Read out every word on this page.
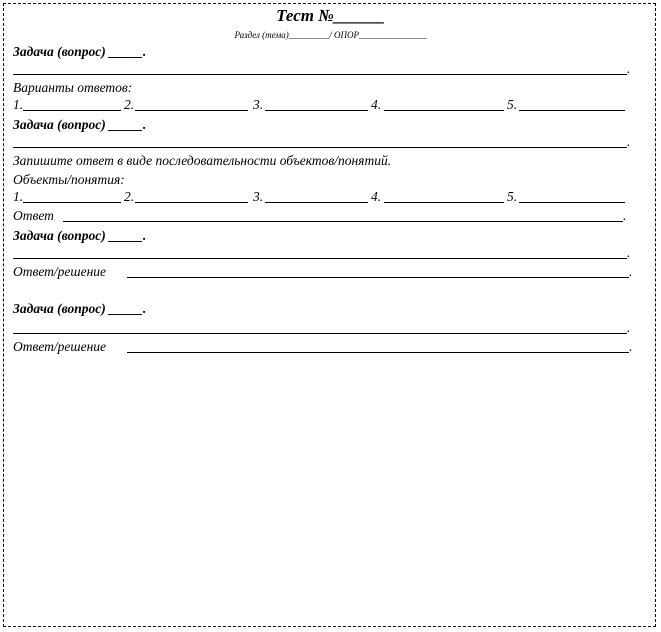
Тест №______
Раздел (тема)_________/ ОПОР_______________
Задача (вопрос) _____.
.
Варианты ответов:
1.	2.	3.	4.	5.
Задача (вопрос) _____.
.
Запишите ответ в виде последовательности объектов/понятий.
Объекты/понятия:
1.	2.	3.	4.	5.
Ответ	.
Задача (вопрос) _____.
.
Ответ/решение	.
Задача (вопрос) _____.
.
Ответ/решение	.
